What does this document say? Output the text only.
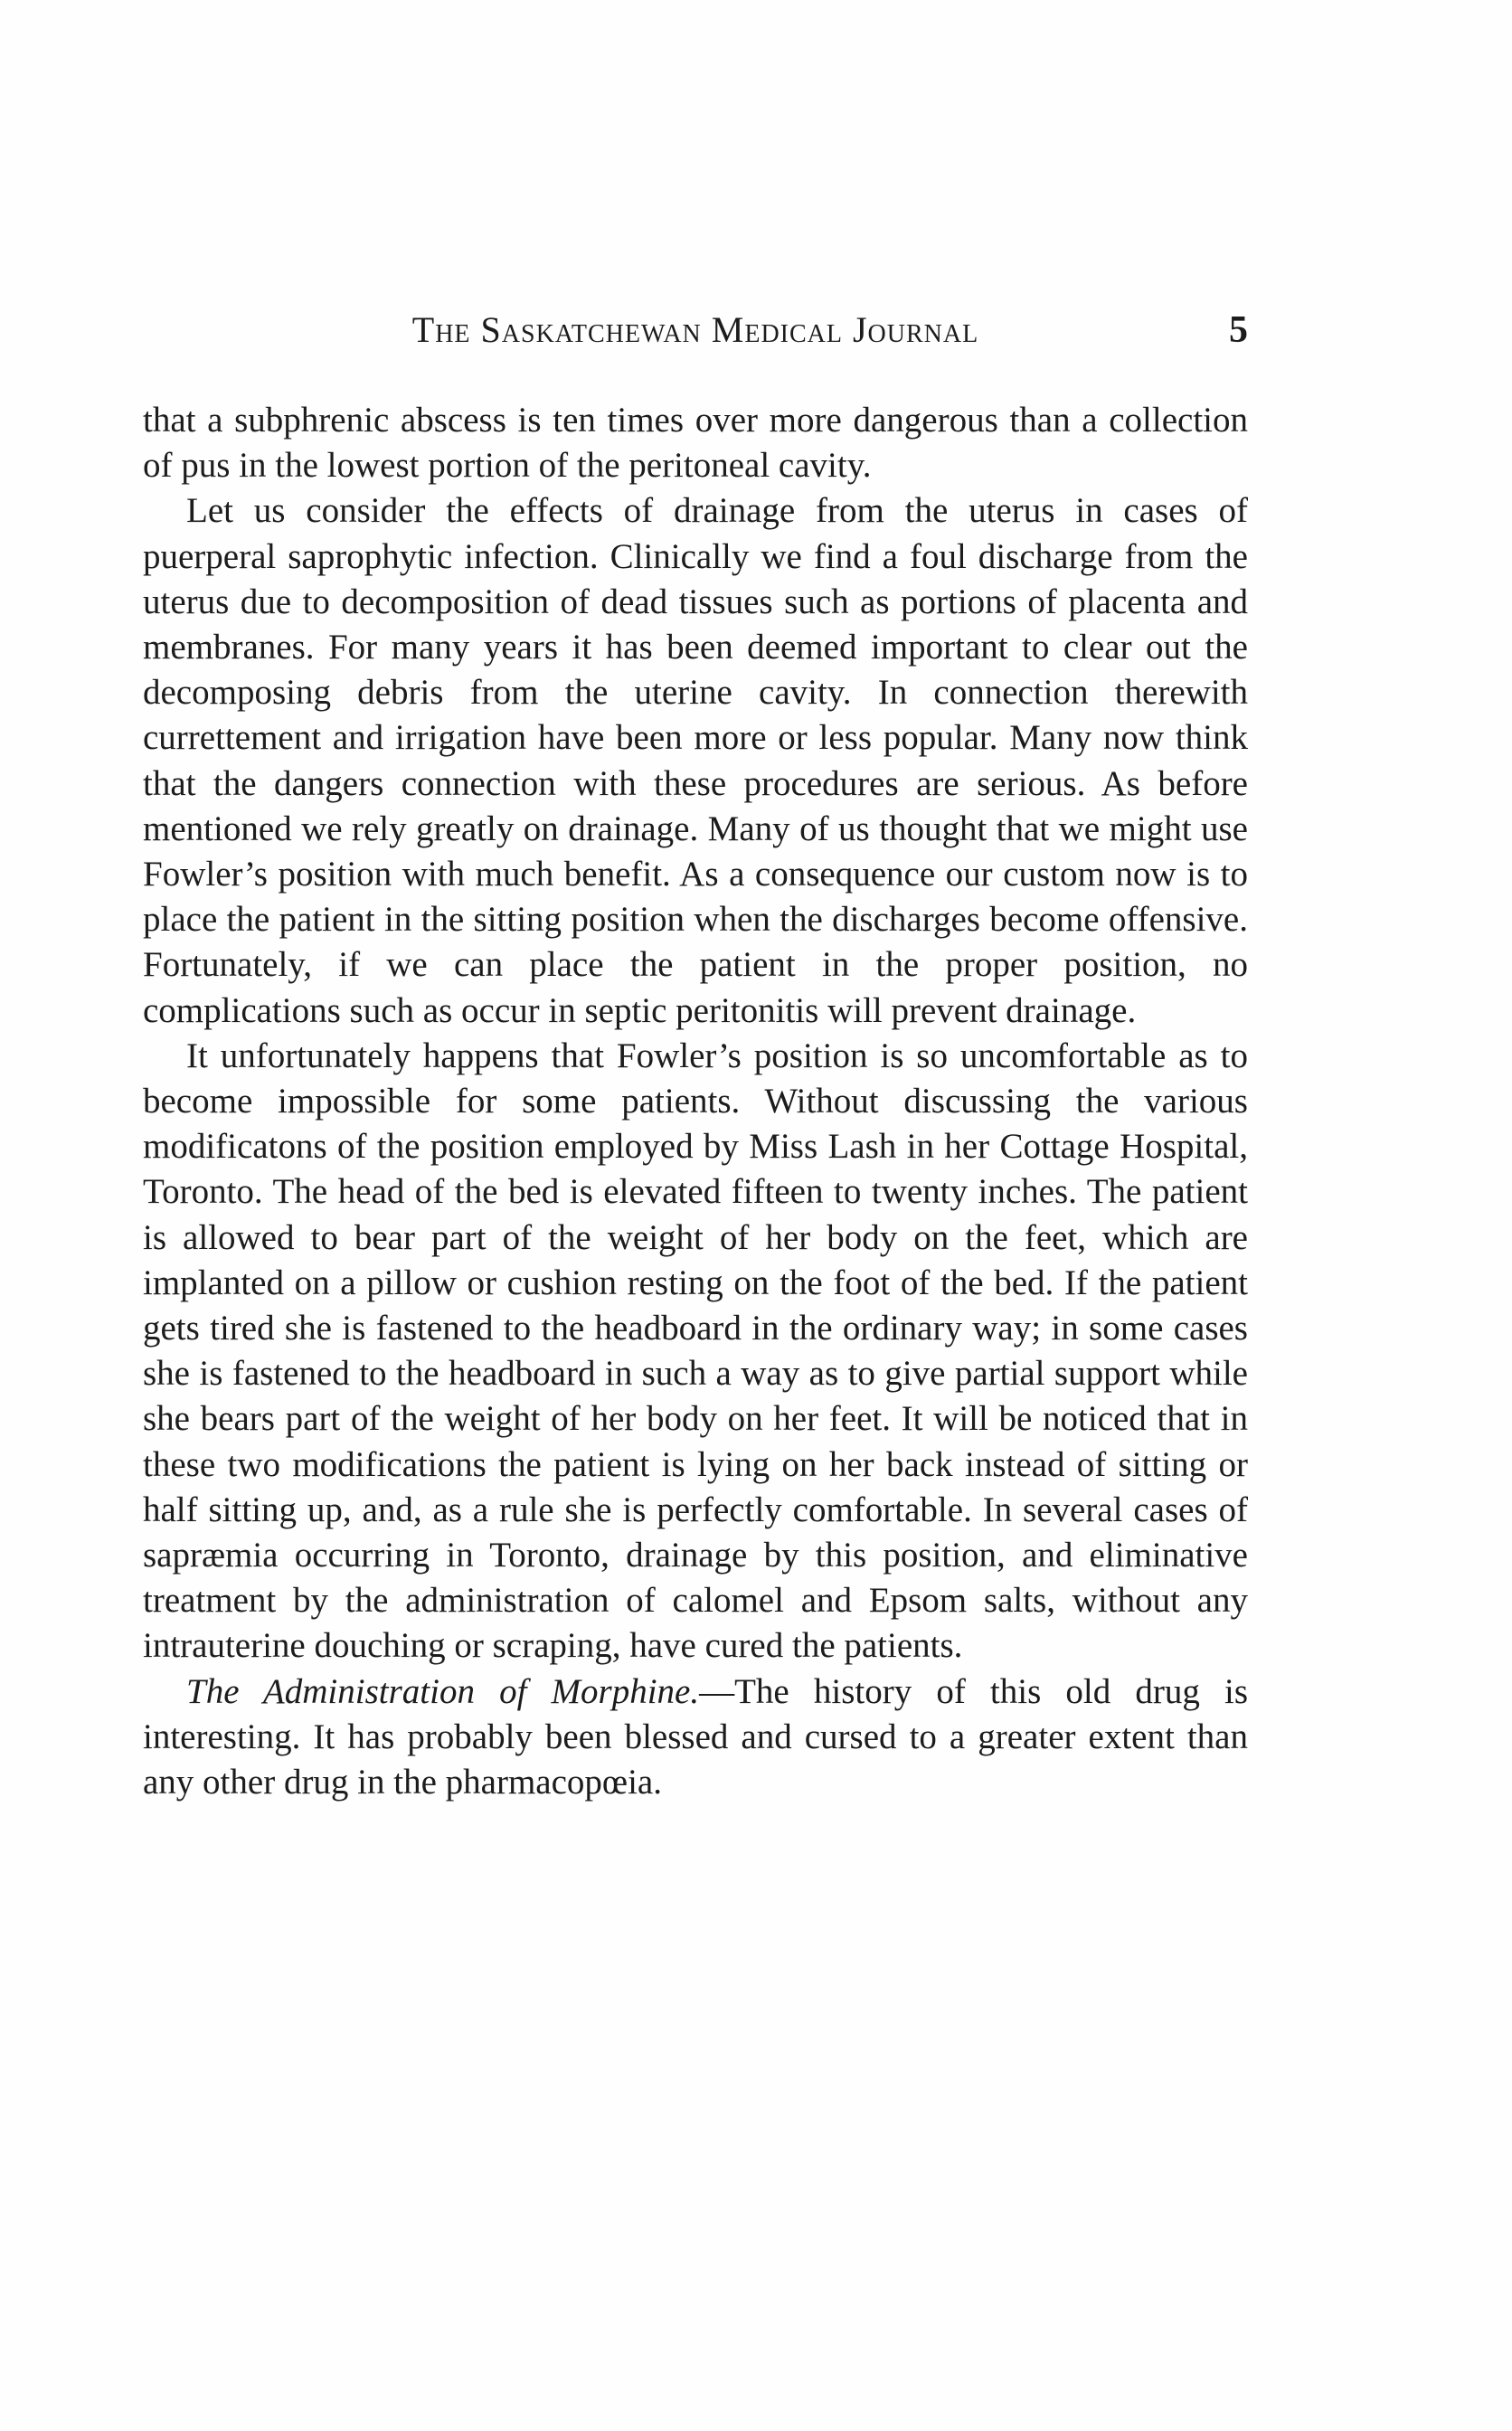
The Saskatchewan Medical Journal	5

that a subphrenic abscess is ten times over more dangerous than a collection of pus in the lowest portion of the peritoneal cavity.

Let us consider the effects of drainage from the uterus in cases of puerperal saprophytic infection. Clinically we find a foul discharge from the uterus due to decomposition of dead tissues such as portions of placenta and membranes. For many years it has been deemed important to clear out the decomposing debris from the uterine cavity. In connection therewith currettement and irrigation have been more or less popular. Many now think that the dangers connection with these procedures are serious. As before mentioned we rely greatly on drainage. Many of us thought that we might use Fowler’s position with much benefit. As a consequence our custom now is to place the patient in the sitting position when the discharges become offensive. Fortunately, if we can place the patient in the proper position, no complications such as occur in septic peritonitis will prevent drainage.

It unfortunately happens that Fowler’s position is so uncomfortable as to become impossible for some patients. Without discussing the various modificatons of the position employed by Miss Lash in her Cottage Hospital, Toronto. The head of the bed is elevated fifteen to twenty inches. The patient is allowed to bear part of the weight of her body on the feet, which are implanted on a pillow or cushion resting on the foot of the bed. If the patient gets tired she is fastened to the headboard in the ordinary way; in some cases she is fastened to the headboard in such a way as to give partial support while she bears part of the weight of her body on her feet. It will be noticed that in these two modifications the patient is lying on her back instead of sitting or half sitting up, and, as a rule she is perfectly comfortable. In several cases of sapræmia occurring in Toronto, drainage by this position, and eliminative treatment by the administration of calomel and Epsom salts, without any intrauterine douching or scraping, have cured the patients.

The Administration of Morphine.—The history of this old drug is interesting. It has probably been blessed and cursed to a greater extent than any other drug in the pharmacopœia.
